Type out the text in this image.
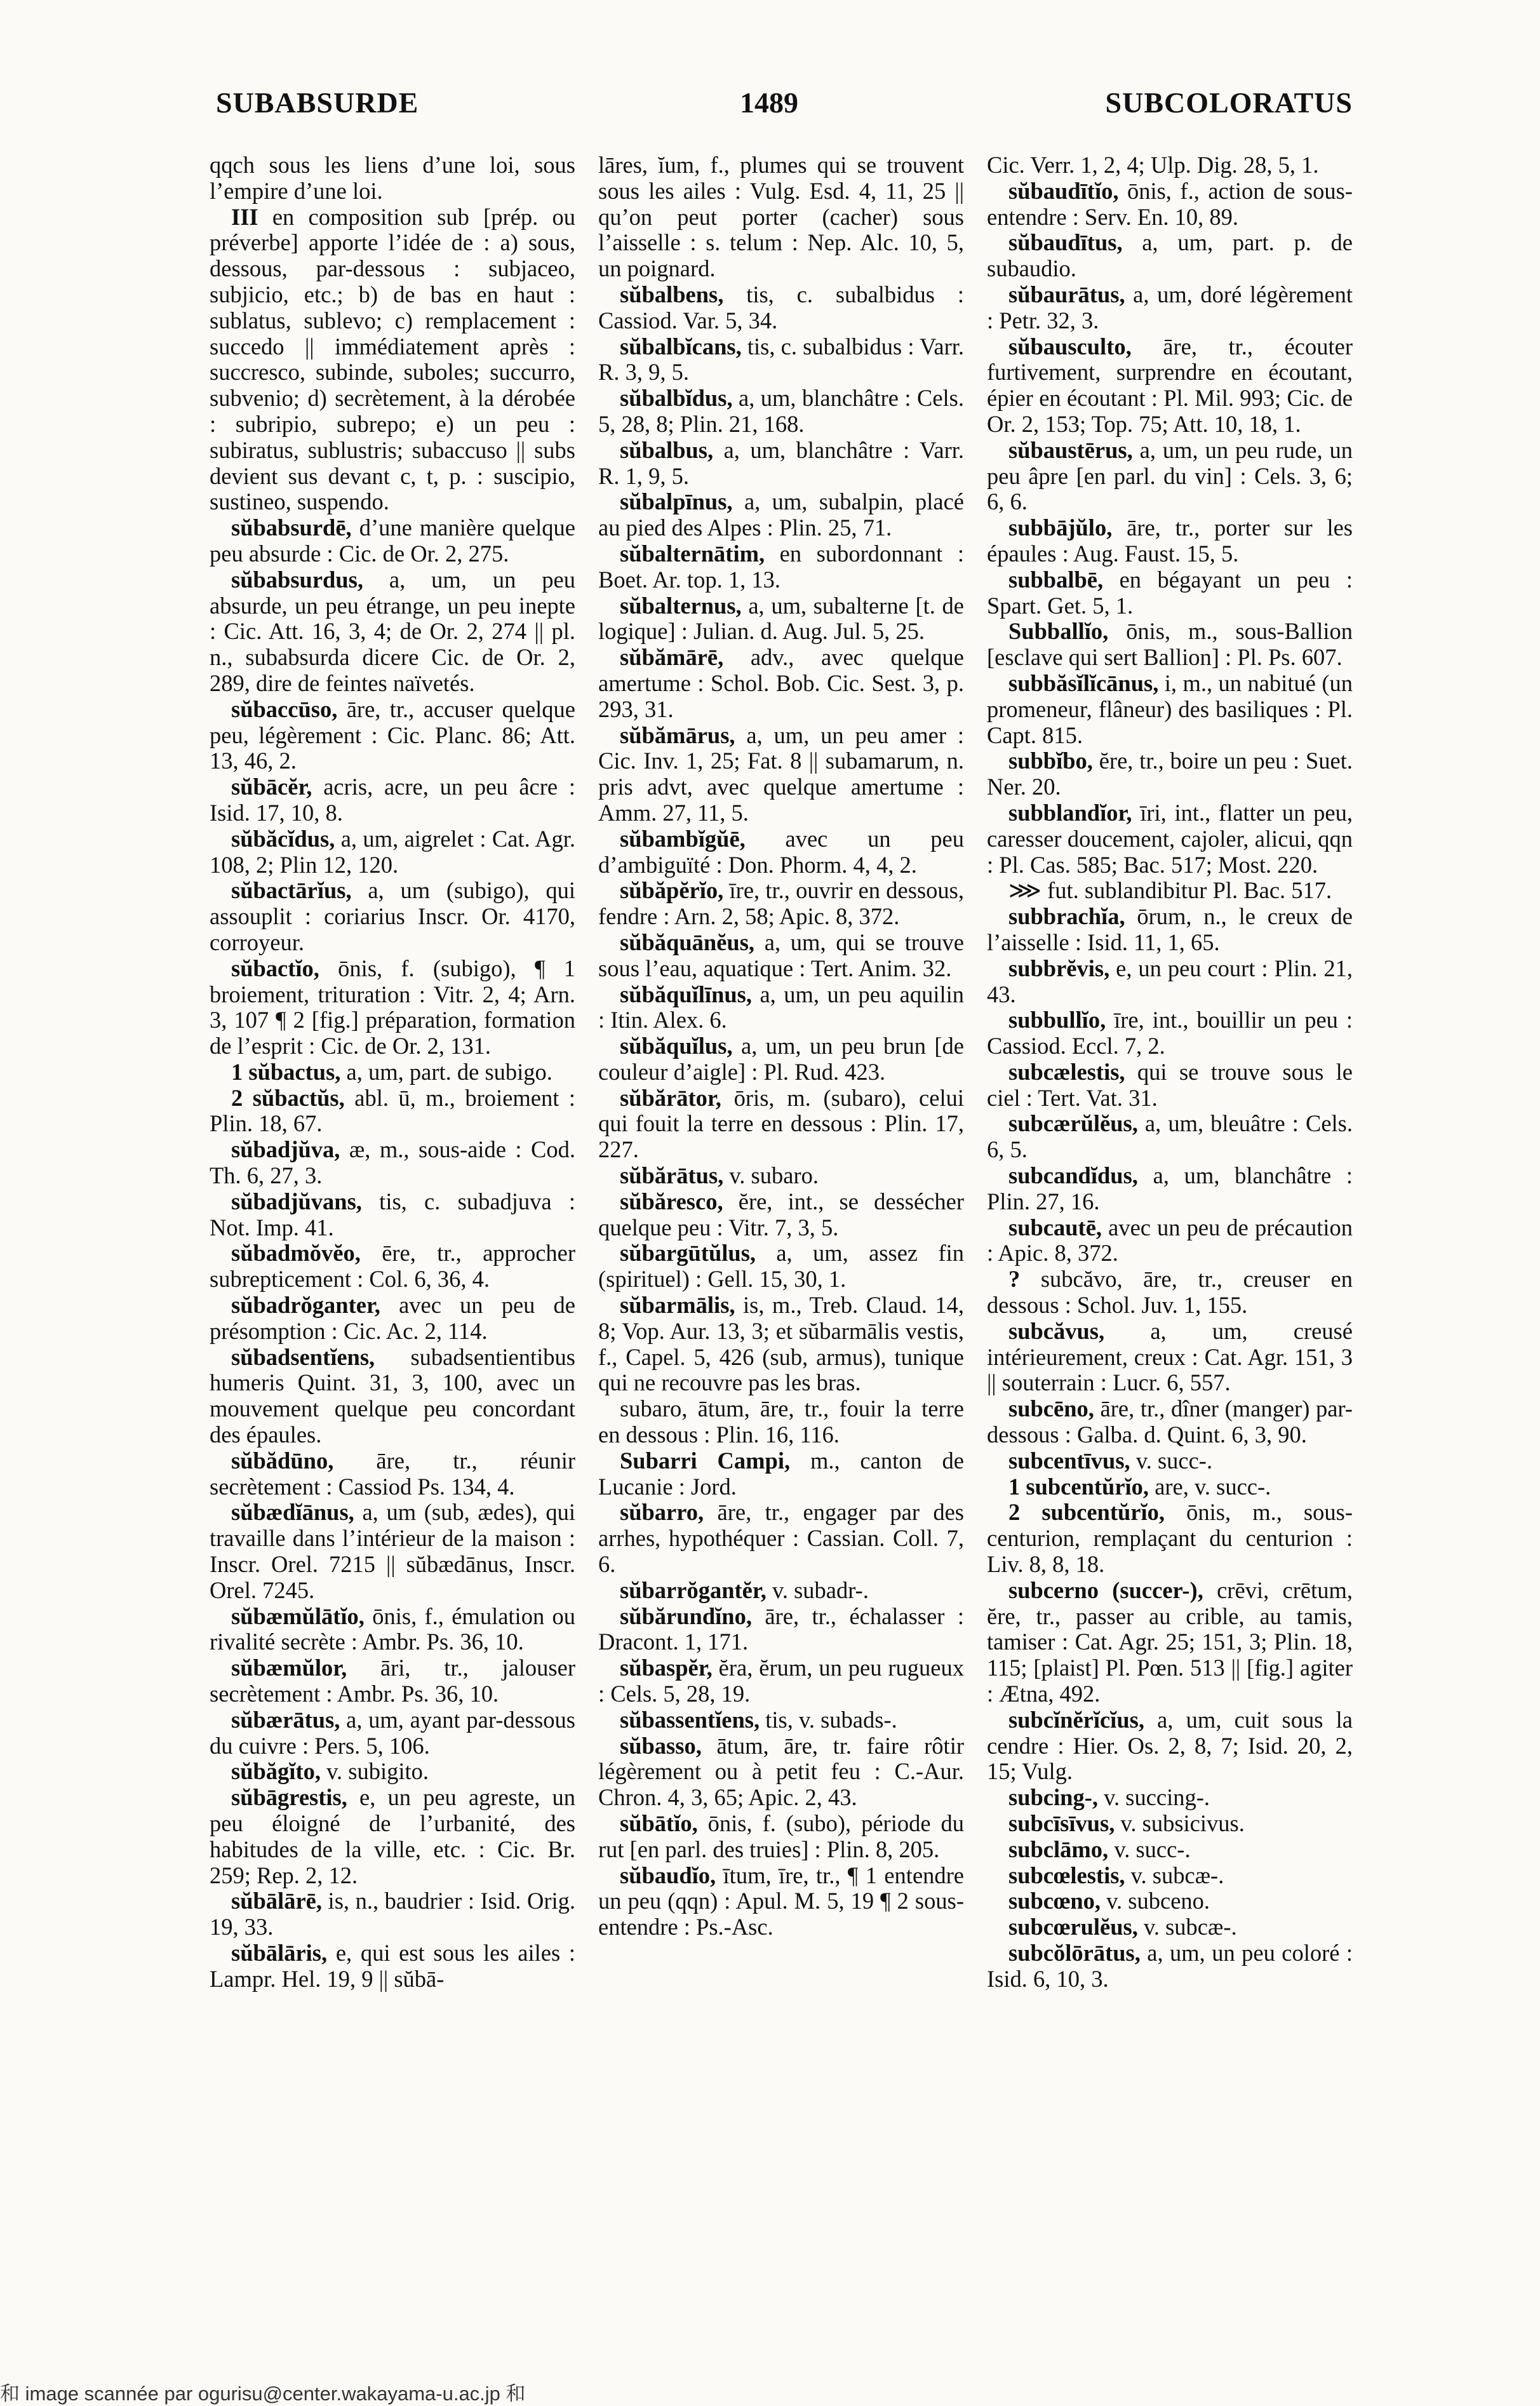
SUBABSURDE	1489	SUBCOLORATUS

qqch sous les liens d’une loi, sous l’empire d’une loi.

III en composition sub [prép. ou préverbe] apporte l’idée de : a) sous, dessous, par-dessous : subjaceo, subjicio, etc.; b) de bas en haut : sublatus, sublevo; c) remplacement : succedo || immédiatement après : succresco, subinde, suboles; succurro, subvenio; d) secrètement, à la dérobée : subripio, subrepo; e) un peu : subiratus, sublustris; subaccuso || subs devient sus devant c, t, p. : suscipio, sustineo, suspendo.

sŭbabsurdē, d’une manière quelque peu absurde : Cic. de Or. 2, 275.

sŭbabsurdus, a, um, un peu absurde, un peu étrange, un peu inepte : Cic. Att. 16, 3, 4; de Or. 2, 274 || pl. n., subabsurda dicere Cic. de Or. 2, 289, dire de feintes naïvetés.

sŭbaccūso, āre, tr., accuser quelque peu, légèrement : Cic. Planc. 86; Att. 13, 46, 2.

sŭbācĕr, acris, acre, un peu âcre : Isid. 17, 10, 8.

sŭbăcĭdus, a, um, aigrelet : Cat. Agr. 108, 2; Plin 12, 120.

sŭbactārĭus, a, um (subigo), qui assouplit : coriarius Inscr. Or. 4170, corroyeur.

sŭbactĭo, ōnis, f. (subigo), ¶ 1 broiement, trituration : Vitr. 2, 4; Arn. 3, 107 ¶ 2 [fig.] préparation, formation de l’esprit : Cic. de Or. 2, 131.

1 sŭbactus, a, um, part. de subigo.

2 sŭbactŭs, abl. ū, m., broiement : Plin. 18, 67.

sŭbadjŭva, æ, m., sous-aide : Cod. Th. 6, 27, 3.

sŭbadjŭvans, tis, c. subadjuva : Not. Imp. 41.

sŭbadmŏvĕo, ēre, tr., approcher subrepticement : Col. 6, 36, 4.

sŭbadrŏganter, avec un peu de présomption : Cic. Ac. 2, 114.

sŭbadsentĭens, subadsentientibus humeris Quint. 31, 3, 100, avec un mouvement quelque peu concordant des épaules.

sŭbădūno, āre, tr., réunir secrètement : Cassiod Ps. 134, 4.

sŭbædĭānus, a, um (sub, ædes), qui travaille dans l’intérieur de la maison : Inscr. Orel. 7215 || sŭbædānus, Inscr. Orel. 7245.

sŭbæmŭlātĭo, ōnis, f., émulation ou rivalité secrète : Ambr. Ps. 36, 10.

sŭbæmŭlor, āri, tr., jalouser secrètement : Ambr. Ps. 36, 10.

sŭbærātus, a, um, ayant par-dessous du cuivre : Pers. 5, 106.

sŭbăgĭto, v. subigito.

sŭbāgrestis, e, un peu agreste, un peu éloigné de l’urbanité, des habitudes de la ville, etc. : Cic. Br. 259; Rep. 2, 12.

sŭbālārē, is, n., baudrier : Isid. Orig. 19, 33.

sŭbālāris, e, qui est sous les ailes : Lampr. Hel. 19, 9 || sŭbā-

lāres, ĭum, f., plumes qui se trouvent sous les ailes : Vulg. Esd. 4, 11, 25 || qu’on peut porter (cacher) sous l’aisselle : s. telum : Nep. Alc. 10, 5, un poignard.

sŭbalbens, tis, c. subalbidus : Cassiod. Var. 5, 34.

sŭbalbĭcans, tis, c. subalbidus : Varr. R. 3, 9, 5.

sŭbalbĭdus, a, um, blanchâtre : Cels. 5, 28, 8; Plin. 21, 168.

sŭbalbus, a, um, blanchâtre : Varr. R. 1, 9, 5.

sŭbalpīnus, a, um, subalpin, placé au pied des Alpes : Plin. 25, 71.

sŭbalternātim, en subordonnant : Boet. Ar. top. 1, 13.

sŭbalternus, a, um, subalterne [t. de logique] : Julian. d. Aug. Jul. 5, 25.

sŭbămārē, adv., avec quelque amertume : Schol. Bob. Cic. Sest. 3, p. 293, 31.

sŭbămārus, a, um, un peu amer : Cic. Inv. 1, 25; Fat. 8 || subamarum, n. pris advt, avec quelque amertume : Amm. 27, 11, 5.

sŭbambĭgŭē, avec un peu d’ambiguïté : Don. Phorm. 4, 4, 2.

sŭbăpĕrĭo, īre, tr., ouvrir en dessous, fendre : Arn. 2, 58; Apic. 8, 372.

sŭbăquānĕus, a, um, qui se trouve sous l’eau, aquatique : Tert. Anim. 32.

sŭbăquĭlīnus, a, um, un peu aquilin : Itin. Alex. 6.

sŭbăquĭlus, a, um, un peu brun [de couleur d’aigle] : Pl. Rud. 423.

sŭbărātor, ōris, m. (subaro), celui qui fouit la terre en dessous : Plin. 17, 227.

sŭbărātus, v. subaro.

sŭbăresco, ĕre, int., se dessécher quelque peu : Vitr. 7, 3, 5.

sŭbargūtŭlus, a, um, assez fin (spirituel) : Gell. 15, 30, 1.

sŭbarmālis, is, m., Treb. Claud. 14, 8; Vop. Aur. 13, 3; et sŭbarmālis vestis, f., Capel. 5, 426 (sub, armus), tunique qui ne recouvre pas les bras.

subaro, ātum, āre, tr., fouir la terre en dessous : Plin. 16, 116.

Subarri Campi, m., canton de Lucanie : Jord.

sŭbarro, āre, tr., engager par des arrhes, hypothéquer : Cassian. Coll. 7, 6.

sŭbarrŏgantĕr, v. subadr-.

sŭbărundĭno, āre, tr., échalasser : Dracont. 1, 171.

sŭbaspĕr, ĕra, ĕrum, un peu rugueux : Cels. 5, 28, 19.

sŭbassentĭens, tis, v. subads-.

sŭbasso, ātum, āre, tr. faire rôtir légèrement ou à petit feu : C.-Aur. Chron. 4, 3, 65; Apic. 2, 43.

sŭbātĭo, ōnis, f. (subo), période du rut [en parl. des truies] : Plin. 8, 205.

sŭbaudĭo, ītum, īre, tr., ¶ 1 entendre un peu (qqn) : Apul. M. 5, 19 ¶ 2 sous-entendre : Ps.-Asc.

Cic. Verr. 1, 2, 4; Ulp. Dig. 28, 5, 1.

sŭbaudītĭo, ōnis, f., action de sous-entendre : Serv. En. 10, 89.

sŭbaudītus, a, um, part. p. de subaudio.

sŭbaurātus, a, um, doré légèrement : Petr. 32, 3.

sŭbausculto, āre, tr., écouter furtivement, surprendre en écoutant, épier en écoutant : Pl. Mil. 993; Cic. de Or. 2, 153; Top. 75; Att. 10, 18, 1.

sŭbaustērus, a, um, un peu rude, un peu âpre [en parl. du vin] : Cels. 3, 6; 6, 6.

subbājŭlo, āre, tr., porter sur les épaules : Aug. Faust. 15, 5.

subbalbē, en bégayant un peu : Spart. Get. 5, 1.

Subballĭo, ōnis, m., sous-Ballion [esclave qui sert Ballion] : Pl. Ps. 607.

subbăsĭlĭcānus, i, m., un nabitué (un promeneur, flâneur) des basiliques : Pl. Capt. 815.

subbĭbo, ĕre, tr., boire un peu : Suet. Ner. 20.

subblandĭor, īri, int., flatter un peu, caresser doucement, cajoler, alicui, qqn : Pl. Cas. 585; Bac. 517; Most. 220.

⋙ fut. sublandibitur Pl. Bac. 517.

subbrachĭa, ōrum, n., le creux de l’aisselle : Isid. 11, 1, 65.

subbrĕvis, e, un peu court : Plin. 21, 43.

subbullĭo, īre, int., bouillir un peu : Cassiod. Eccl. 7, 2.

subcælestis, qui se trouve sous le ciel : Tert. Vat. 31.

subcærŭlĕus, a, um, bleuâtre : Cels. 6, 5.

subcandĭdus, a, um, blanchâtre : Plin. 27, 16.

subcautē, avec un peu de précaution : Apic. 8, 372.

? subcăvo, āre, tr., creuser en dessous : Schol. Juv. 1, 155.

subcăvus, a, um, creusé intérieurement, creux : Cat. Agr. 151, 3 || souterrain : Lucr. 6, 557.

subcēno, āre, tr., dîner (manger) par-dessous : Galba. d. Quint. 6, 3, 90.

subcentīvus, v. succ-.

1 subcentŭrĭo, are, v. succ-.

2 subcentŭrĭo, ōnis, m., sous-centurion, remplaçant du centurion : Liv. 8, 8, 18.

subcerno (succer-), crēvi, crētum, ĕre, tr., passer au crible, au tamis, tamiser : Cat. Agr. 25; 151, 3; Plin. 18, 115; [plaist] Pl. Pœn. 513 || [fig.] agiter : Ætna, 492.

subcĭnĕrĭcĭus, a, um, cuit sous la cendre : Hier. Os. 2, 8, 7; Isid. 20, 2, 15; Vulg.

subcing-, v. succing-.

subcīsīvus, v. subsicivus.

subclāmo, v. succ-.

subcœlestis, v. subcæ-.

subcœno, v. subceno.

subcœrulĕus, v. subcæ-.

subcŏlōrātus, a, um, un peu coloré : Isid. 6, 10, 3.

和 image scannée par ogurisu@center.wakayama-u.ac.jp 和
